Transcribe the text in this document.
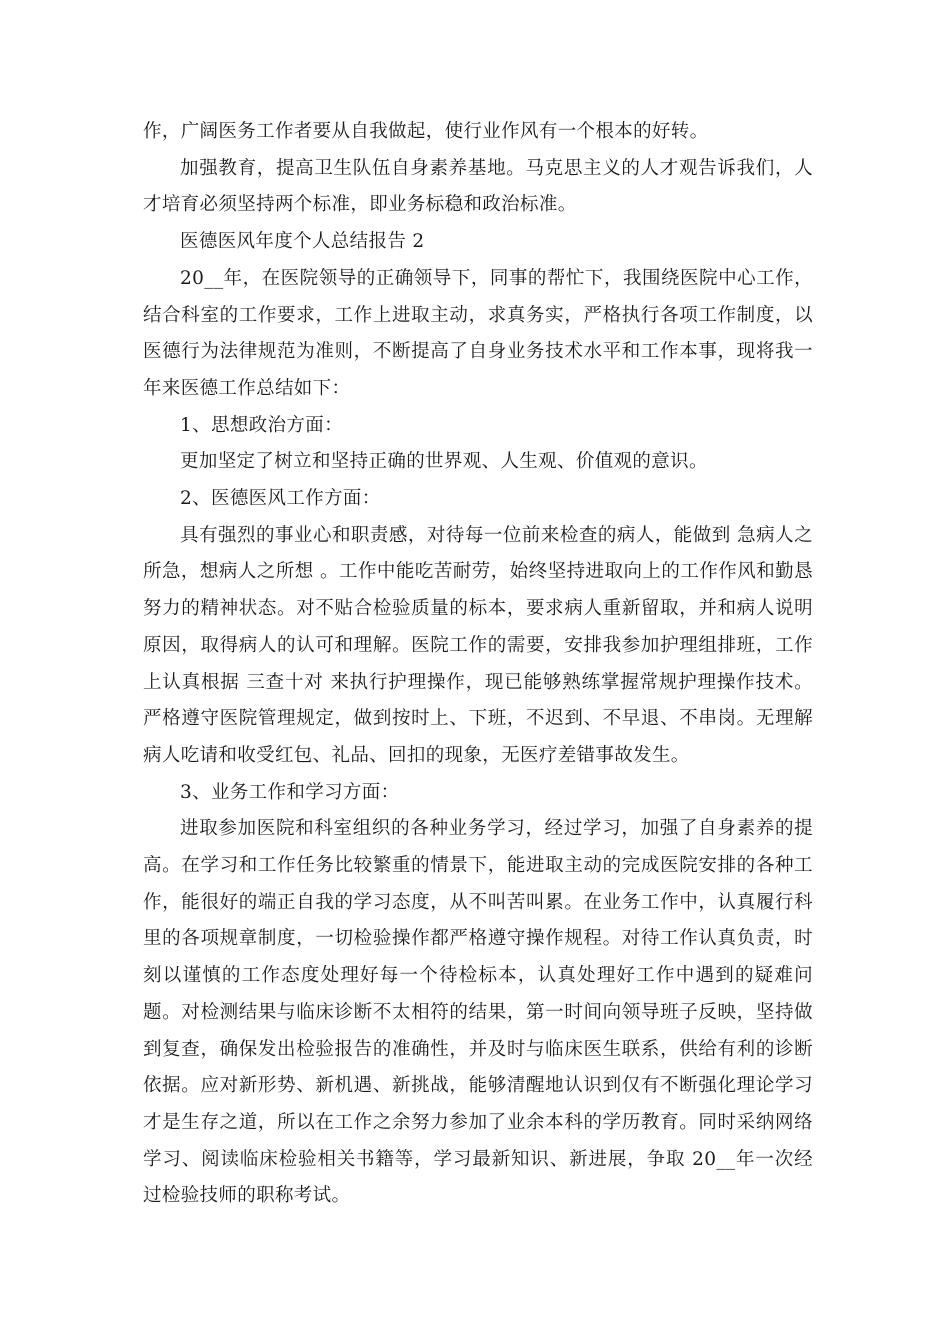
作，广阔医务工作者要从自我做起，使行业作风有一个根本的好转。

加强教育，提高卫生队伍自身素养基地。马克思主义的人才观告诉我们，人才培育必须坚持两个标准，即业务标稳和政治标准。

医德医风年度个人总结报告 2

20__年，在医院领导的正确领导下，同事的帮忙下，我围绕医院中心工作，结合科室的工作要求，工作上进取主动，求真务实，严格执行各项工作制度，以医德行为法律规范为准则，不断提高了自身业务技术水平和工作本事，现将我一年来医德工作总结如下：

1、思想政治方面：

更加坚定了树立和坚持正确的世界观、人生观、价值观的意识。

2、医德医风工作方面：

具有强烈的事业心和职责感，对待每一位前来检查的病人，能做到 急病人之所急，想病人之所想 。工作中能吃苦耐劳，始终坚持进取向上的工作作风和勤恳努力的精神状态。对不贴合检验质量的标本，要求病人重新留取，并和病人说明原因，取得病人的认可和理解。医院工作的需要，安排我参加护理组排班，工作上认真根据 三查十对 来执行护理操作，现已能够熟练掌握常规护理操作技术。严格遵守医院管理规定，做到按时上、下班，不迟到、不早退、不串岗。无理解病人吃请和收受红包、礼品、回扣的现象，无医疗差错事故发生。

3、业务工作和学习方面：

进取参加医院和科室组织的各种业务学习，经过学习，加强了自身素养的提高。在学习和工作任务比较繁重的情景下，能进取主动的完成医院安排的各种工作，能很好的端正自我的学习态度，从不叫苦叫累。在业务工作中，认真履行科里的各项规章制度，一切检验操作都严格遵守操作规程。对待工作认真负责，时刻以谨慎的工作态度处理好每一个待检标本，认真处理好工作中遇到的疑难问题。对检测结果与临床诊断不太相符的结果，第一时间向领导班子反映，坚持做到复查，确保发出检验报告的准确性，并及时与临床医生联系，供给有利的诊断依据。应对新形势、新机遇、新挑战，能够清醒地认识到仅有不断强化理论学习才是生存之道，所以在工作之余努力参加了业余本科的学历教育。同时采纳网络学习、阅读临床检验相关书籍等，学习最新知识、新进展，争取 20__年一次经过检验技师的职称考试。
